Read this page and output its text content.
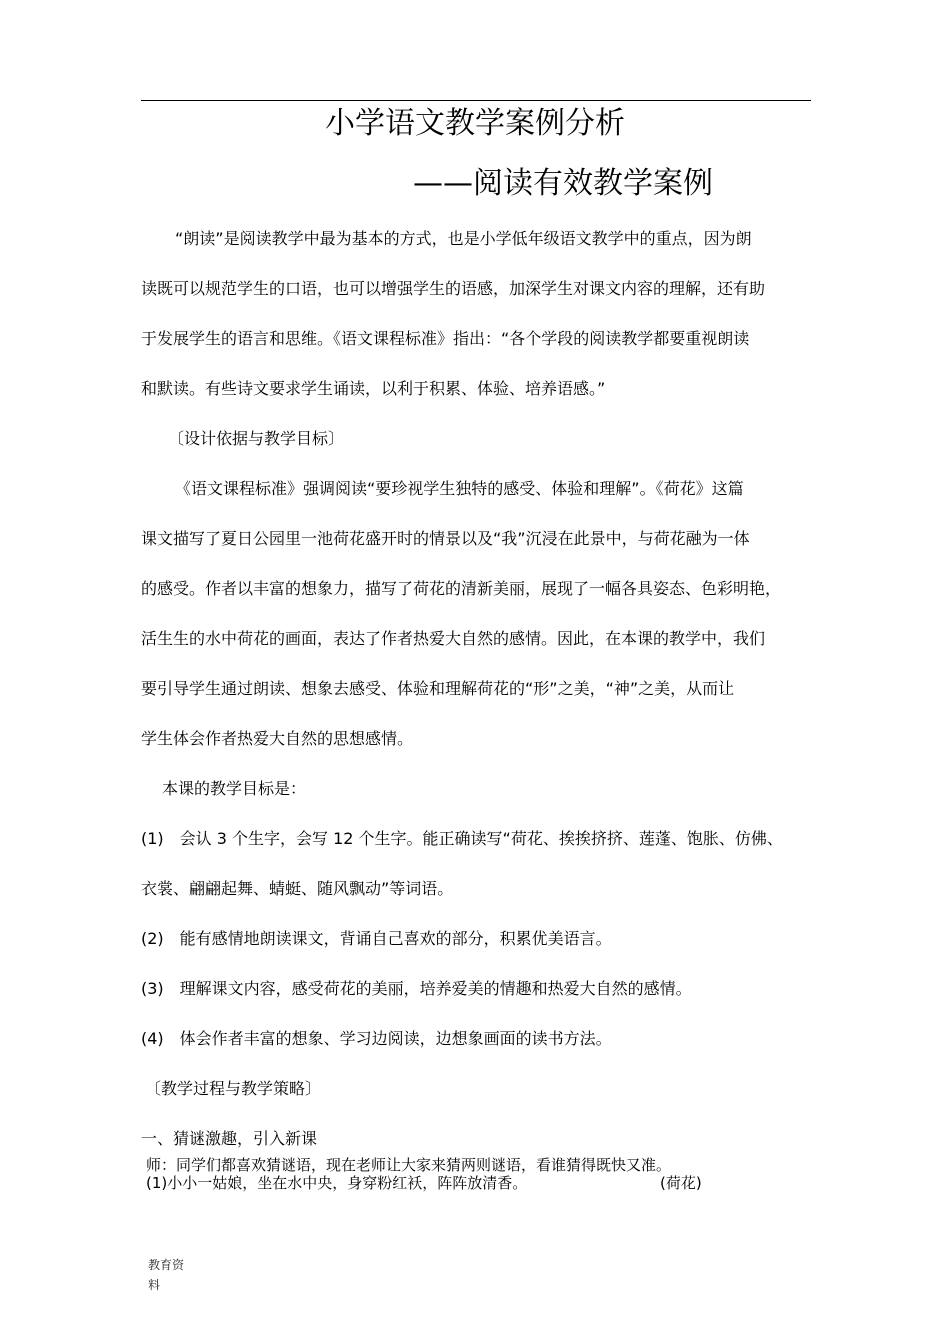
小学语文教学案例分析
——阅读有效教学案例
“朗读”是阅读教学中最为基本的方式，也是小学低年级语文教学中的重点，因为朗
读既可以规范学生的口语，也可以增强学生的语感，加深学生对课文内容的理解，还有助
于发展学生的语言和思维。《语文课程标准》指出：“各个学段的阅读教学都要重视朗读
和默读。有些诗文要求学生诵读，以利于积累、体验、培养语感。”
〔设计依据与教学目标〕
《语文课程标准》强调阅读“要珍视学生独特的感受、体验和理解”。《荷花》这篇
课文描写了夏日公园里一池荷花盛开时的情景以及“我”沉浸在此景中，与荷花融为一体
的感受。作者以丰富的想象力，描写了荷花的清新美丽，展现了一幅各具姿态、色彩明艳，
活生生的水中荷花的画面，表达了作者热爱大自然的感情。因此，在本课的教学中，我们
要引导学生通过朗读、想象去感受、体验和理解荷花的“形”之美，“神”之美，从而让
学生体会作者热爱大自然的思想感情。
本课的教学目标是：
(1)　会认 3 个生字，会写 12 个生字。能正确读写“荷花、挨挨挤挤、莲蓬、饱胀、仿佛、
衣裳、翩翩起舞、蜻蜓、随风飘动”等词语。
(2)　能有感情地朗读课文，背诵自己喜欢的部分，积累优美语言。
(3)　理解课文内容，感受荷花的美丽，培养爱美的情趣和热爱大自然的感情。
(4)　体会作者丰富的想象、学习边阅读，边想象画面的读书方法。
〔教学过程与教学策略〕
一、猜谜激趣，引入新课
师：同学们都喜欢猜谜语，现在老师让大家来猜两则谜语，看谁猜得既快又准。
(1)小小一姑娘，坐在水中央，身穿粉红袄，阵阵放清香。	(荷花)
教育资
料
